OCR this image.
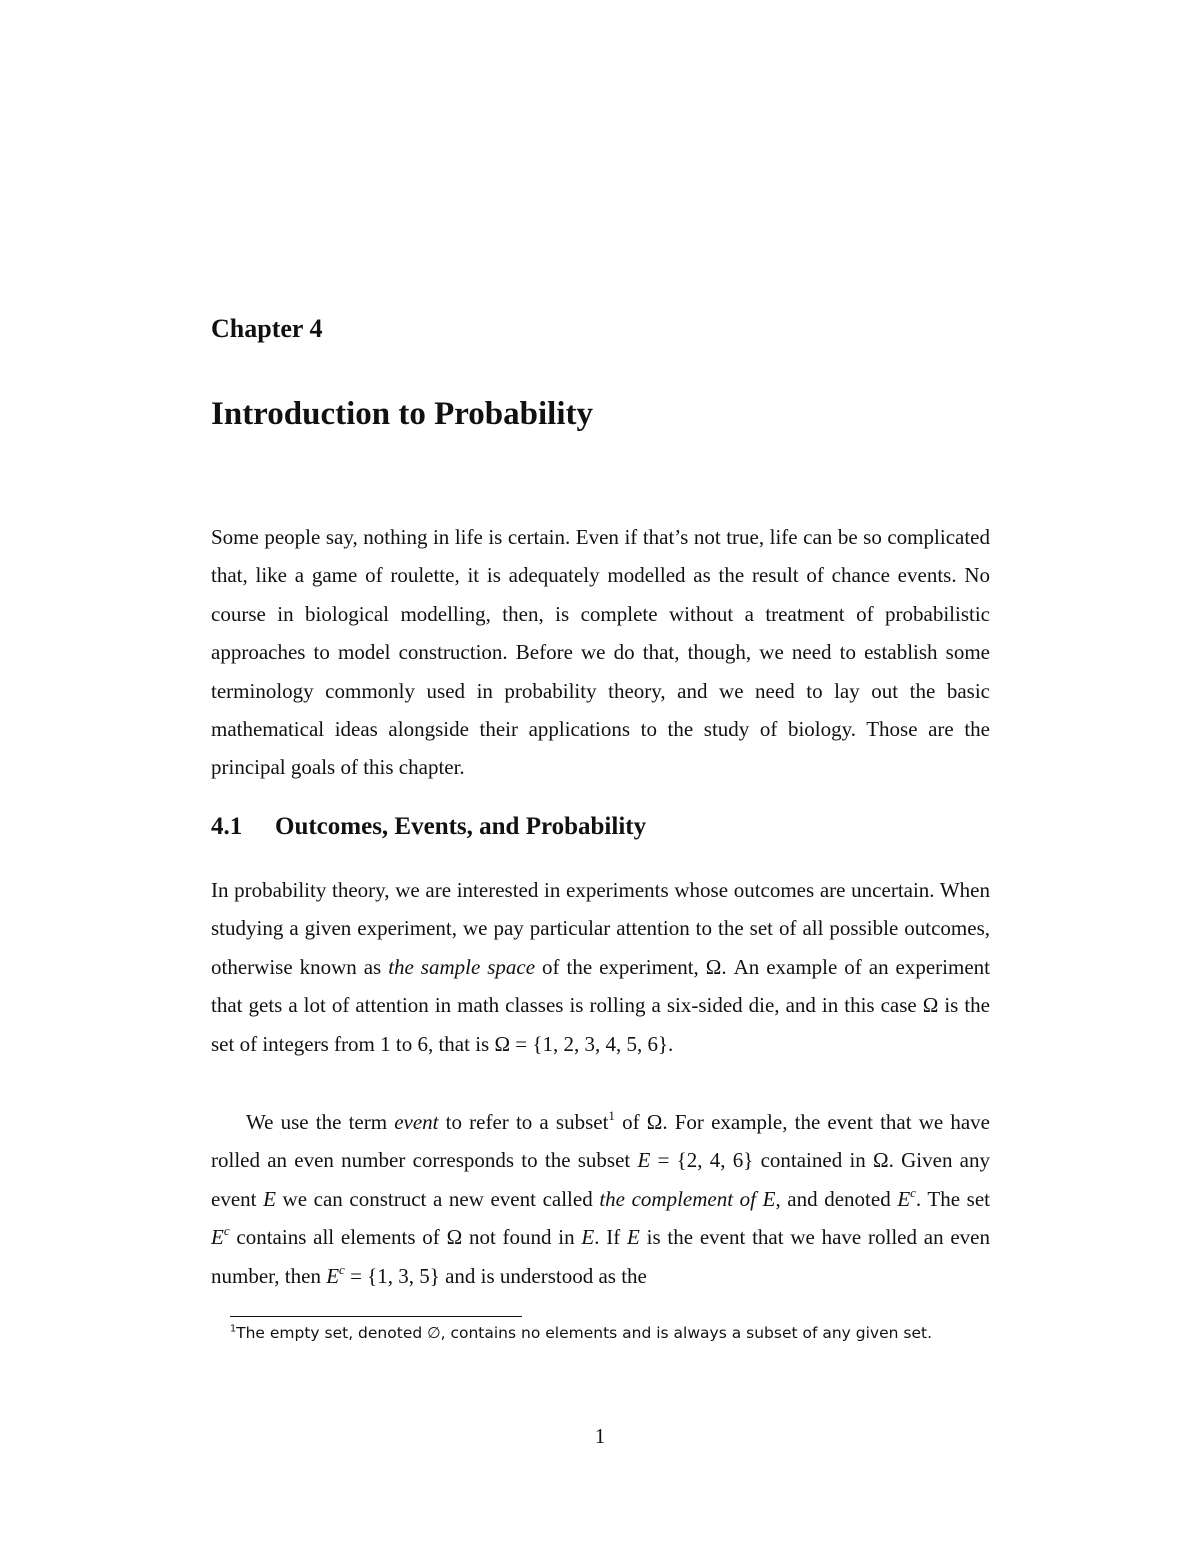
Chapter 4
Introduction to Probability

Some people say, nothing in life is certain. Even if that’s not true, life can be so complicated that, like a game of roulette, it is adequately modelled as the result of chance events. No course in biological modelling, then, is complete without a treatment of probabilistic approaches to model construction. Before we do that, though, we need to establish some terminology commonly used in probability theory, and we need to lay out the basic mathematical ideas alongside their applications to the study of biology. Those are the principal goals of this chapter.

4.1 Outcomes, Events, and Probability

In probability theory, we are interested in experiments whose outcomes are uncertain. When studying a given experiment, we pay particular attention to the set of all possible outcomes, otherwise known as the sample space of the experiment, Ω. An example of an experiment that gets a lot of attention in math classes is rolling a six-sided die, and in this case Ω is the set of integers from 1 to 6, that is Ω = {1, 2, 3, 4, 5, 6}.

We use the term event to refer to a subset$^1$ of Ω. For example, the event that we have rolled an even number corresponds to the subset E = {2, 4, 6} contained in Ω. Given any event E we can construct a new event called the complement of E, and denoted $E^c$. The set $E^c$ contains all elements of Ω not found in E. If E is the event that we have rolled an even number, then $E^c = \{1$, 3, 5} and is understood as the

$^1$The empty set, denoted ∅, contains no elements and is always a subset of any given set.

1
